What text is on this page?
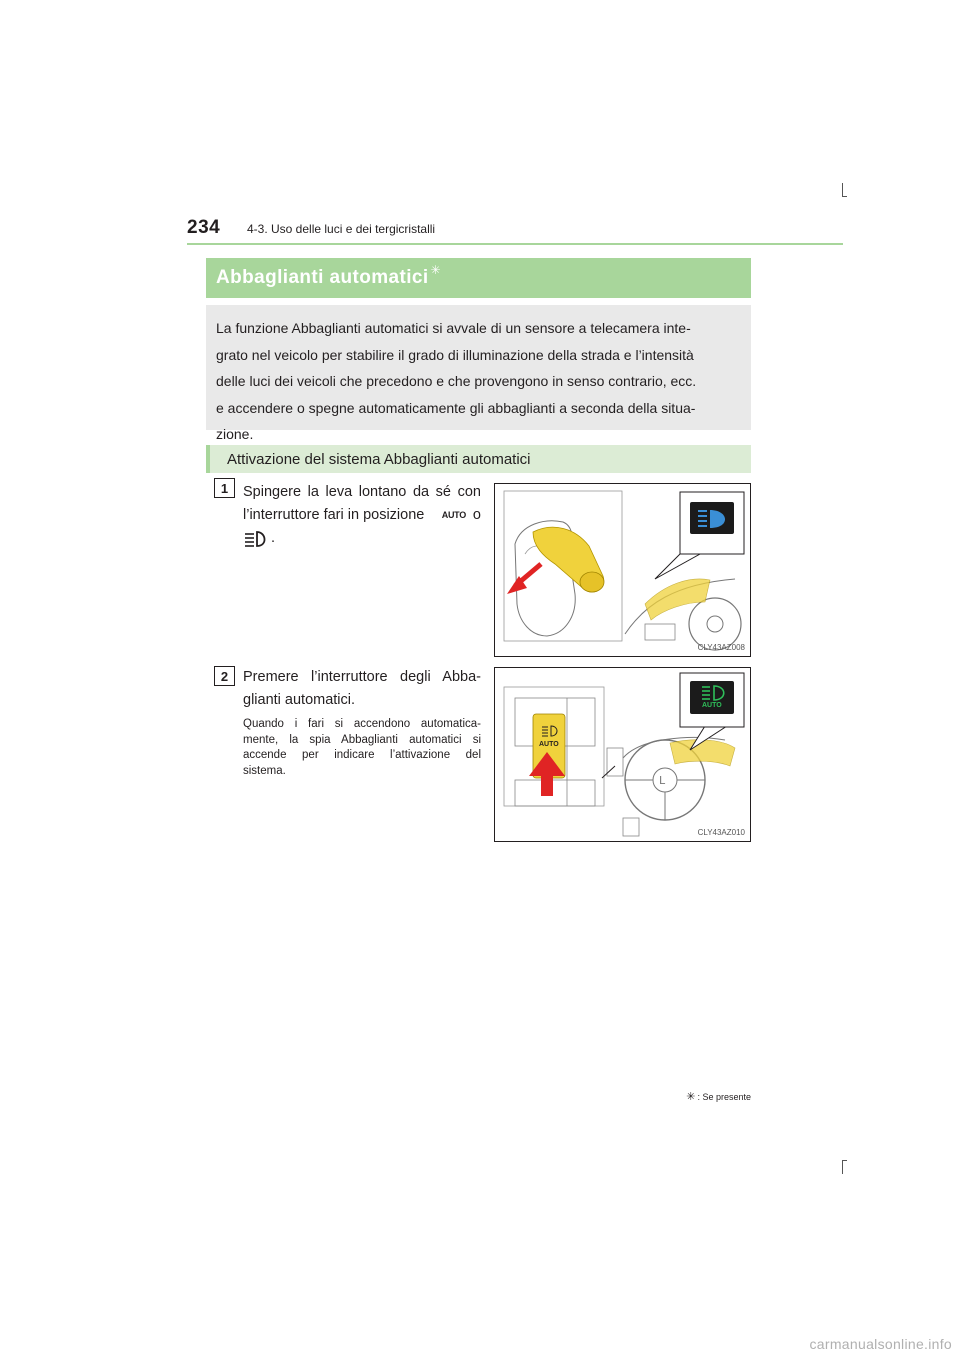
234 4-3. Uso delle luci e dei tergicristalli
Abbaglianti automatici ✳

La funzione Abbaglianti automatici si avvale di un sensore a telecamera inte-

grato nel veicolo per stabilire il grado di illuminazione della strada e l’intensità

delle luci dei veicoli che precedono e che provengono in senso contrario, ecc.

e accendere o spegne automaticamente gli abbaglianti a seconda della situa-

zione.

Attivazione del sistema Abbaglianti automatici
1	Spingere la leva lontano da sé con
l’interruttore fari in posizione AUTO o
.
CLY43AZ008
2	Premere l’interruttore degli Abba-
glianti automatici.
Quando i fari si accendono automatica-
mente, la spia Abbaglianti automatici si
accende per indicare l’attivazione del
sistema.
L
AUTO
AUTO
CLY43AZ010
✳ : Se presente
carmanualsonline.info
